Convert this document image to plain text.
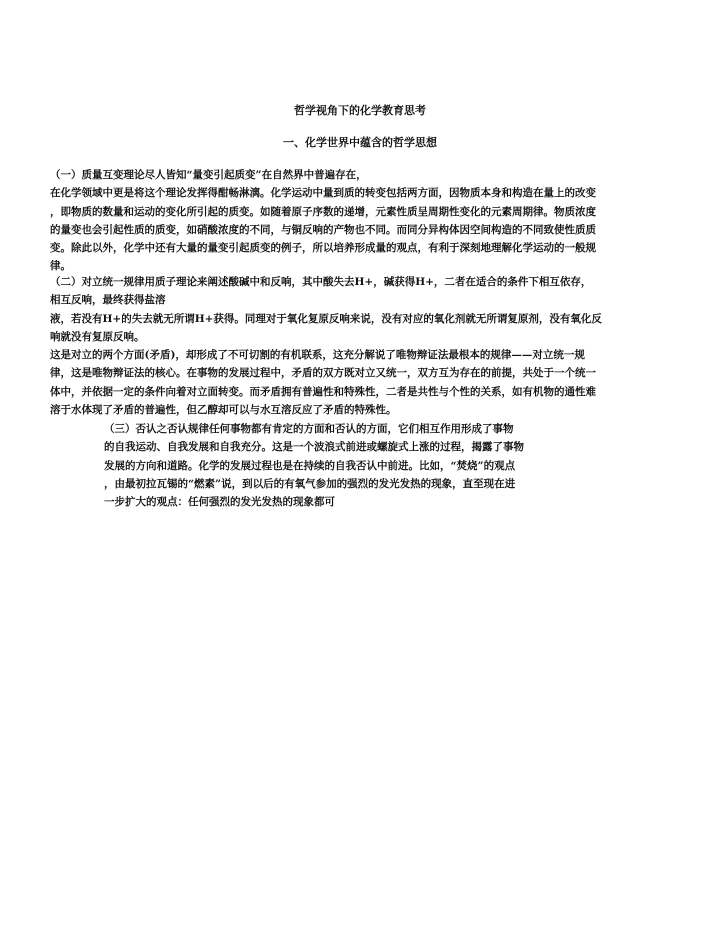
哲学视角下的化学教育思考
一、化学世界中蕴含的哲学思想
（一）质量互变理论尽人皆知“量变引起质变”在自然界中普遍存在，
在化学领域中更是将这个理论发挥得酣畅淋漓。化学运动中量到质的转变包括两方面，因物质本身和构造在量上的改变
，即物质的数量和运动的变化所引起的质变。如随着原子序数的递增，元素性质呈周期性变化的元素周期律。物质浓度
的量变也会引起性质的质变，如硝酸浓度的不同，与铜反响的产物也不同。而同分异构体因空间构造的不同致使性质质
变。除此以外，化学中还有大量的量变引起质变的例子，所以培养形成量的观点，有利于深刻地理解化学运动的一般规
律。
（二）对立统一规律用质子理论来阐述酸碱中和反响，其中酸失去H+，碱获得H+，二者在适合的条件下相互依存，
相互反响，最终获得盐溶
液，若没有H+的失去就无所谓H+获得。同理对于氧化复原反响来说，没有对应的氧化剂就无所谓复原剂，没有氧化反
响就没有复原反响。
这是对立的两个方面(矛盾)，却形成了不可切割的有机联系，这充分解说了唯物辩证法最根本的规律——对立统一规
律，这是唯物辩证法的核心。在事物的发展过程中，矛盾的双方既对立又统一，双方互为存在的前提，共处于一个统一
体中，并依据一定的条件向着对立面转变。而矛盾拥有普遍性和特殊性，二者是共性与个性的关系，如有机物的通性难
溶于水体现了矛盾的普遍性，但乙醇却可以与水互溶反应了矛盾的特殊性。
（三）否认之否认规律任何事物都有肯定的方面和否认的方面，它们相互作用形成了事物
的自我运动、自我发展和自我充分。这是一个波浪式前进或螺旋式上涨的过程，揭露了事物
发展的方向和道路。化学的发展过程也是在持续的自我否认中前进。比如，“焚烧”的观点
，由最初拉瓦锡的“燃素”说，到以后的有氧气参加的强烈的发光发热的现象，直至现在进
一步扩大的观点：任何强烈的发光发热的现象都可
